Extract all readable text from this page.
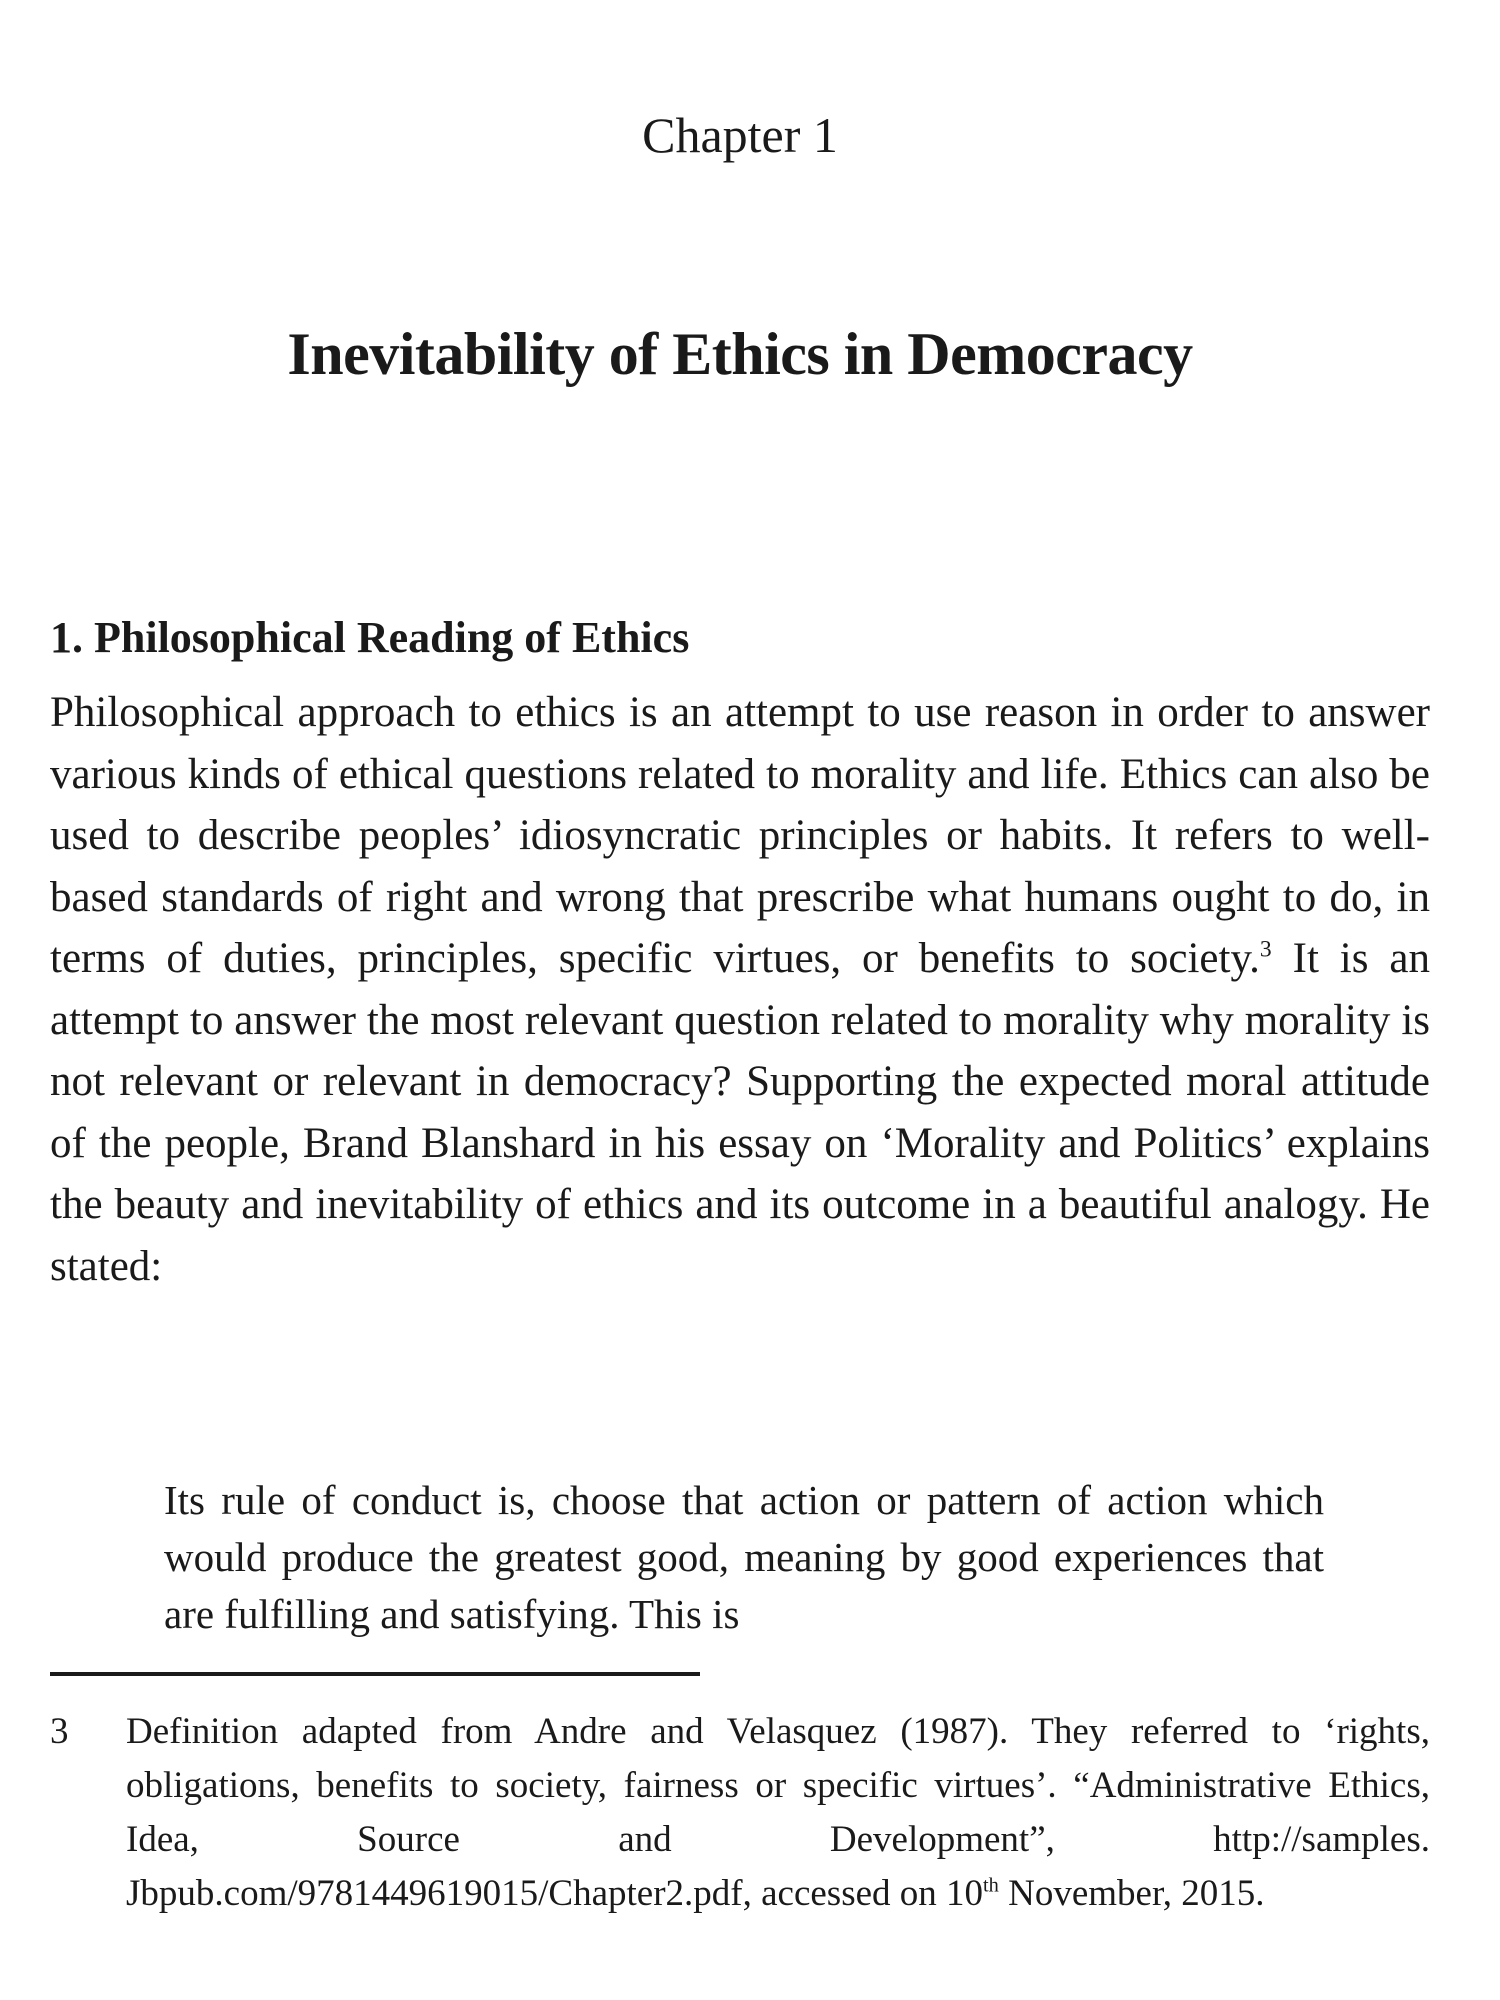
Chapter 1
Inevitability of Ethics in Democracy
1. Philosophical Reading of Ethics

Philosophical approach to ethics is an attempt to use reason in order to answer various kinds of ethical questions related to morality and life. Ethics can also be used to describe peoples’ idiosyncratic principles or habits. It refers to well-based standards of right and wrong that prescribe what humans ought to do, in terms of duties, principles, specific virtues, or benefits to society.$^3$ It is an attempt to answer the most relevant question related to morality why morality is not relevant or relevant in democracy? Supporting the expected moral attitude of the people, Brand Blanshard in his essay on ‘Morality and Politics’ explains the beauty and inevitability of ethics and its outcome in a beautiful analogy. He stated:

Its rule of conduct is, choose that action or pattern of action which would produce the greatest good, meaning by good experiences that are fulfilling and satisfying. This is

3 Definition adapted from Andre and Velasquez (1987). They referred to ‘rights, obligations, benefits to society, fairness or specific virtues’. “Administrative Ethics, Idea, Source and Development”, http://samples. Jbpub.com/9781449619015/Chapter2.pdf, accessed on 10th November, 2015.
